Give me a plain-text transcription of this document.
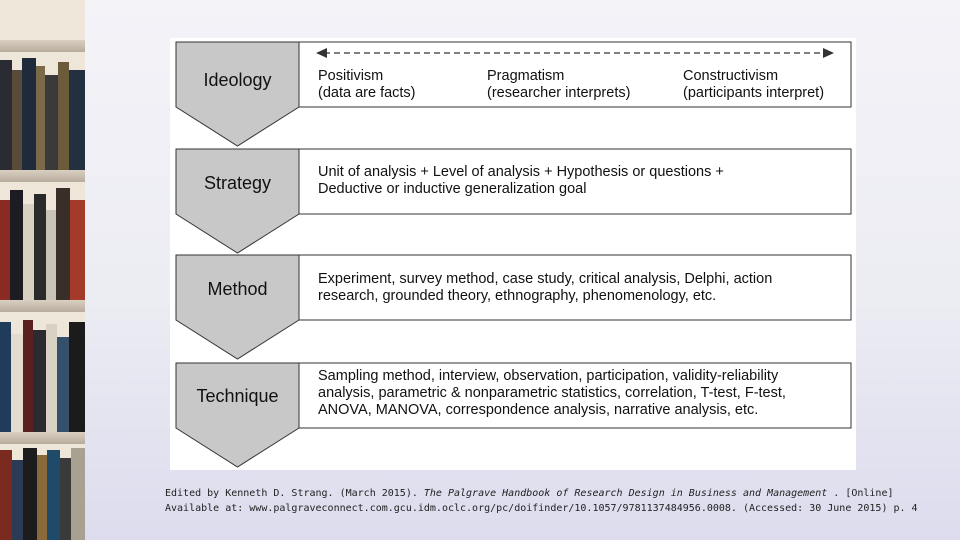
Ideology
Strategy
Method
Technique
Positivism
(data are facts)
Pragmatism
(researcher interprets)
Constructivism
(participants interpret)
Unit of analysis + Level of analysis + Hypothesis or questions +
Deductive or inductive generalization goal
Experiment, survey method, case study, critical analysis, Delphi, action
research, grounded theory, ethnography, phenomenology, etc.
Sampling method, interview, observation, participation, validity-reliability
analysis, parametric & nonparametric statistics, correlation, T-test, F-test,
ANOVA, MANOVA, correspondence analysis, narrative analysis, etc.
Edited by Kenneth D. Strang. (March 2015). The Palgrave Handbook of Research Design in Business and Management . [Online]
Available at: www.palgraveconnect.com.gcu.idm.oclc.org/pc/doifinder/10.1057/9781137484956.0008. (Accessed: 30 June 2015) p. 4
